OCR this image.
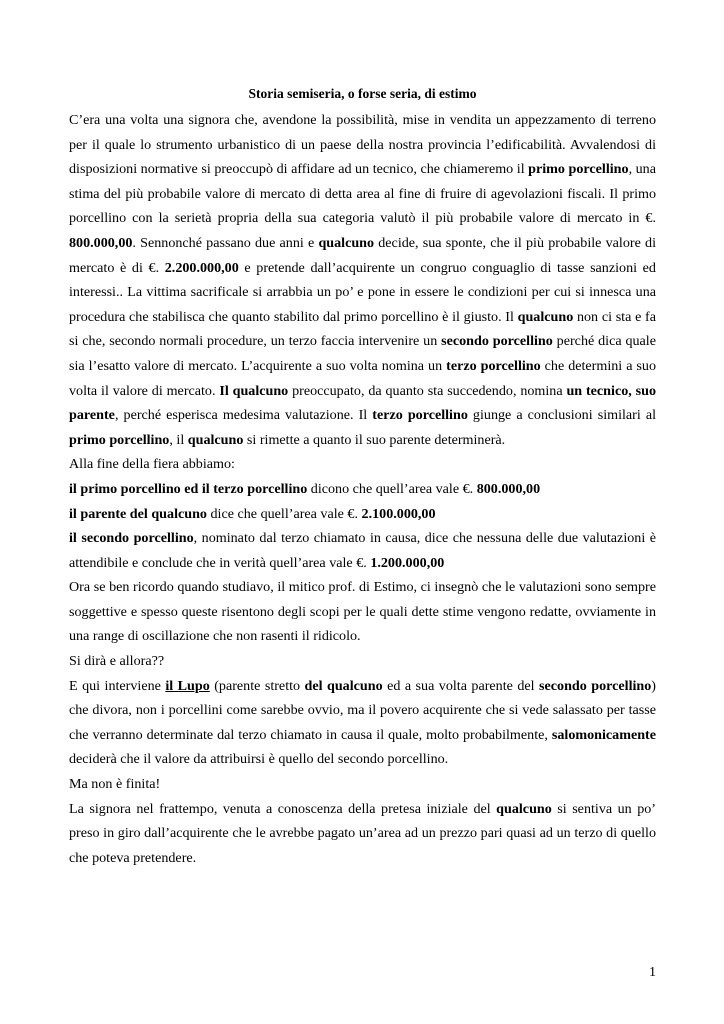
Storia semiseria, o forse seria, di estimo

C’era una volta una signora che, avendone la possibilità, mise in vendita un appezzamento di terreno per il quale lo strumento urbanistico di un paese della nostra provincia l’edificabilità. Avvalendosi di disposizioni normative si preoccupò di affidare ad un tecnico, che chiameremo il primo porcellino, una stima del più probabile valore di mercato di detta area al fine di fruire di agevolazioni fiscali. Il primo porcellino con la serietà propria della sua categoria valutò il più probabile valore di mercato in €. 800.000,00. Sennonché passano due anni e qualcuno decide, sua sponte, che il più probabile valore di mercato è di €. 2.200.000,00 e pretende dall’acquirente un congruo conguaglio di tasse sanzioni ed interessi.. La vittima sacrificale si arrabbia un po’ e pone in essere le condizioni per cui si innesca una procedura che stabilisca che quanto stabilito dal primo porcellino è il giusto. Il qualcuno non ci sta e fa si che, secondo normali procedure, un terzo faccia intervenire un secondo porcellino perché dica quale sia l’esatto valore di mercato. L’acquirente a suo volta nomina un terzo porcellino che determini a suo volta il valore di mercato. Il qualcuno preoccupato, da quanto sta succedendo, nomina un tecnico, suo parente, perché esperisca medesima valutazione. Il terzo porcellino giunge a conclusioni similari al primo porcellino, il qualcuno si rimette a quanto il suo parente determinerà.

Alla fine della fiera abbiamo:

il primo porcellino ed il terzo porcellino dicono che quell’area vale €. 800.000,00

il parente del qualcuno dice che quell’area vale €. 2.100.000,00

il secondo porcellino, nominato dal terzo chiamato in causa, dice che nessuna delle due valutazioni è attendibile e conclude che in verità quell’area vale €. 1.200.000,00

Ora se ben ricordo quando studiavo, il mitico prof. di Estimo, ci insegnò che le valutazioni sono sempre soggettive e spesso queste risentono degli scopi per le quali dette stime vengono redatte, ovviamente in una range di oscillazione che non rasenti il ridicolo.

Si dirà e allora??

E qui interviene il Lupo (parente stretto del qualcuno ed a sua volta parente del secondo porcellino) che divora, non i porcellini come sarebbe ovvio, ma il povero acquirente che si vede salassato per tasse che verranno determinate dal terzo chiamato in causa il quale, molto probabilmente, salomonicamente deciderà che il valore da attribuirsi è quello del secondo porcellino.

Ma non è finita!

La signora nel frattempo, venuta a conoscenza della pretesa iniziale del qualcuno si sentiva un po’ preso in giro dall’acquirente che le avrebbe pagato un’area ad un prezzo pari quasi ad un terzo di quello che poteva pretendere.

1
